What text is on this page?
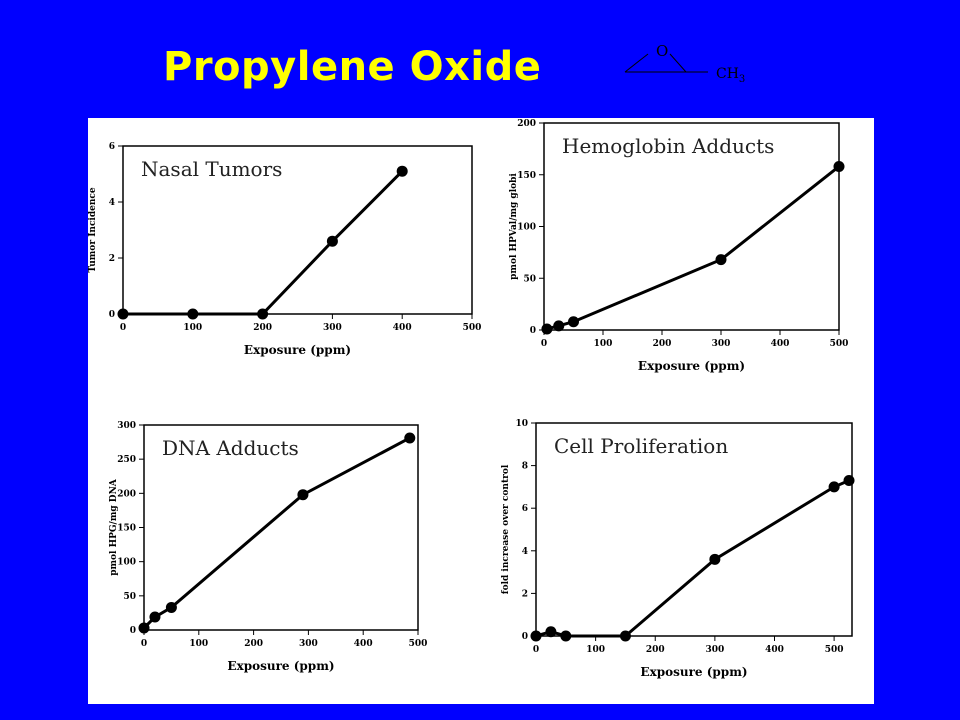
Propylene Oxide	O
$CH_3$
0	100	200	300	400	500
0
2
4
6
Exposure (ppm)
Tumor Incidence
Nasal Tumors
0	100	200	300	400	500
0
50
100
150
200
Exposure (ppm)
pmol HPVal/mg globi
Hemoglobin Adducts
0	100	200	300	400	500
0
50
100
150
200
250
300
Exposure (ppm)
pmol HPG/mg DNA
DNA Adducts
0	100	200	300	400	500
0
2
4
6
8
10
Exposure (ppm)
fold increase over control
Cell Proliferation
